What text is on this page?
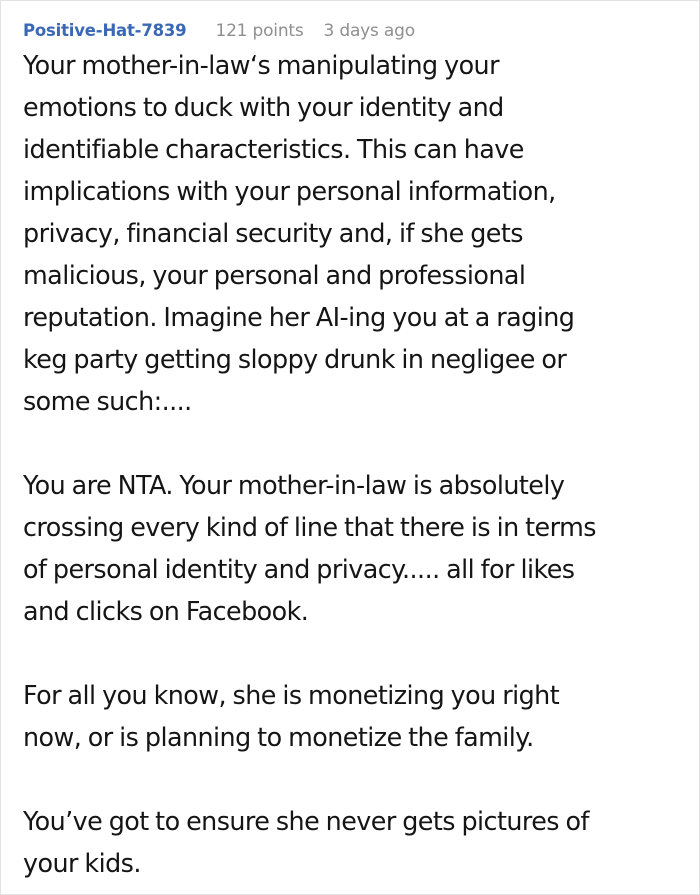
Positive-Hat-7839 121 points 3 days ago

Your mother-in-law‘s manipulating your
emotions to duck with your identity and
identifiable characteristics. This can have
implications with your personal information,
privacy, financial security and, if she gets
malicious, your personal and professional
reputation. Imagine her AI-ing you at a raging
keg party getting sloppy drunk in negligee or
some such:....

You are NTA. Your mother-in-law is absolutely
crossing every kind of line that there is in terms
of personal identity and privacy..... all for likes
and clicks on Facebook.

For all you know, she is monetizing you right
now, or is planning to monetize the family.

You’ve got to ensure she never gets pictures of
your kids.
